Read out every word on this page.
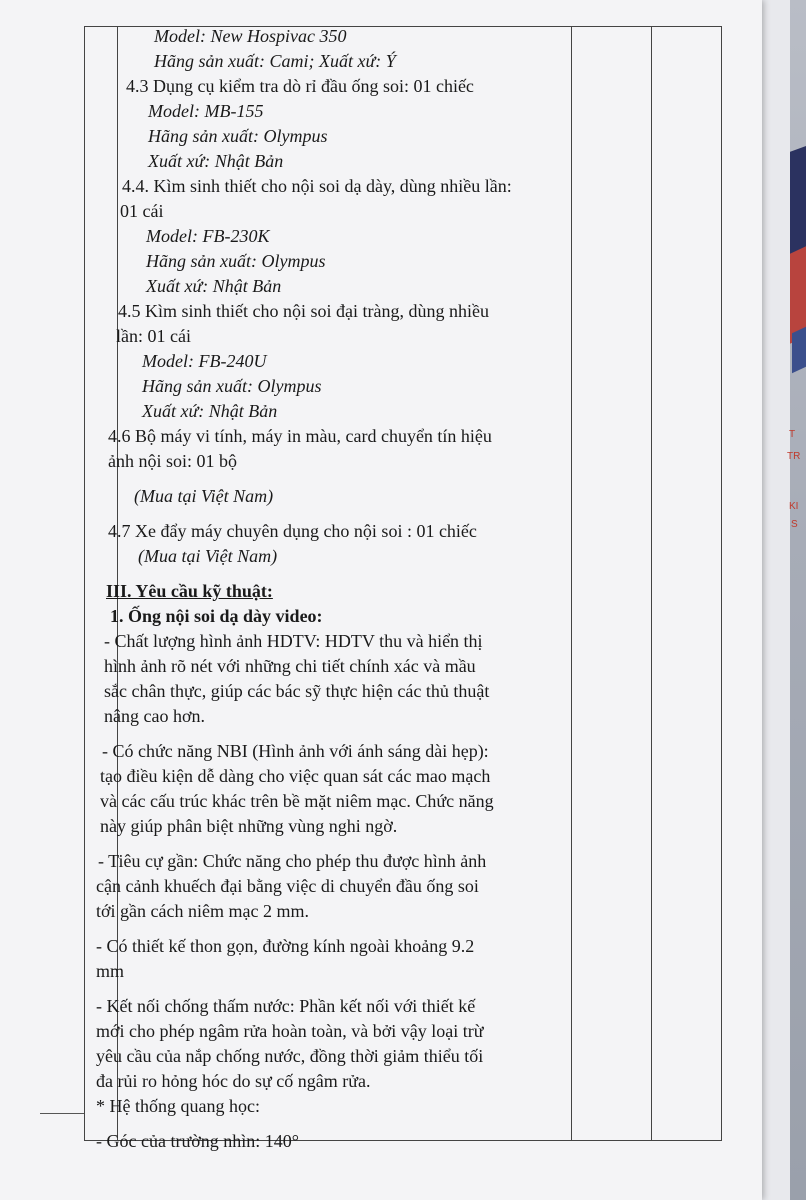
T
TR
KI
S
Model: New Hospivac 350
Hãng sản xuất: Cami; Xuất xứ: Ý
4.3 Dụng cụ kiểm tra dò rỉ đầu ống soi: 01 chiếc
Model: MB-155
Hãng sản xuất: Olympus
Xuất xứ: Nhật Bản
4.4. Kìm sinh thiết cho nội soi dạ dày, dùng nhiều lần:
01 cái
Model: FB-230K
Hãng sản xuất: Olympus
Xuất xứ: Nhật Bản
4.5 Kìm sinh thiết cho nội soi đại tràng, dùng nhiều
lần: 01 cái
Model: FB-240U
Hãng sản xuất: Olympus
Xuất xứ: Nhật Bản
4.6 Bộ máy vi tính, máy in màu, card chuyển tín hiệu
ảnh nội soi: 01 bộ
(Mua tại Việt Nam)
4.7 Xe đẩy máy chuyên dụng cho nội soi : 01 chiếc
(Mua tại Việt Nam)
III. Yêu cầu kỹ thuật:
1. Ống nội soi dạ dày video:
- Chất lượng hình ảnh HDTV: HDTV thu và hiển thị
hình ảnh rõ nét với những chi tiết chính xác và mầu
sắc chân thực, giúp các bác sỹ thực hiện các thủ thuật
nâng cao hơn.
- Có chức năng NBI (Hình ảnh với ánh sáng dài hẹp):
tạo điều kiện dễ dàng cho việc quan sát các mao mạch
và các cấu trúc khác trên bề mặt niêm mạc. Chức năng
này giúp phân biệt những vùng nghi ngờ.
- Tiêu cự gần: Chức năng cho phép thu được hình ảnh
cận cảnh khuếch đại bằng việc di chuyển đầu ống soi
tới gần cách niêm mạc 2 mm.
- Có thiết kế thon gọn, đường kính ngoài khoảng 9.2
mm
- Kết nối chống thấm nước: Phần kết nối với thiết kế
mới cho phép ngâm rửa hoàn toàn, và bởi vậy loại trừ
yêu cầu của nắp chống nước, đồng thời giảm thiểu tối
đa rủi ro hỏng hóc do sự cố ngâm rửa.
* Hệ thống quang học:
- Góc của trường nhìn: 140°
